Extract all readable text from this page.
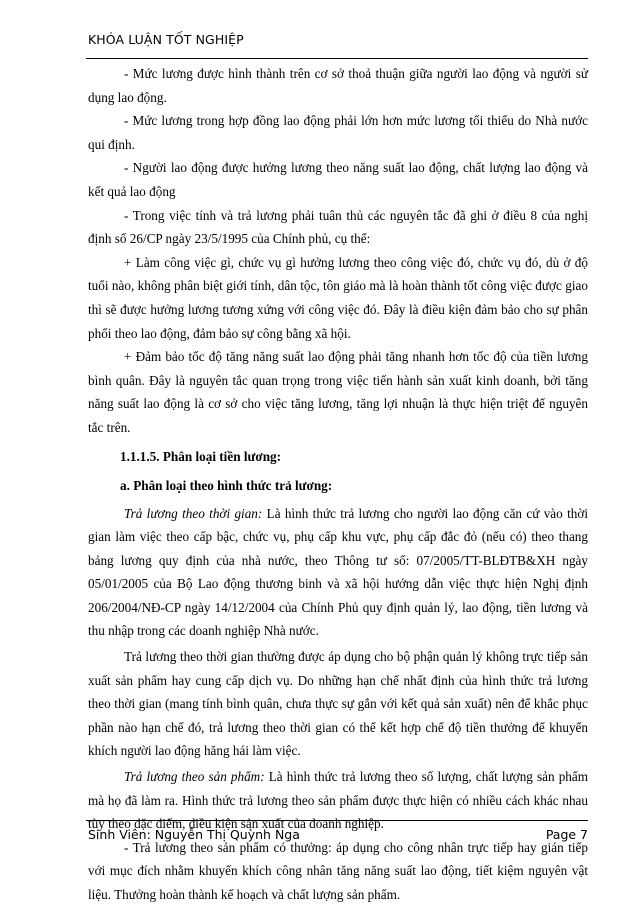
KHÓA LUẬN TỐT NGHIỆP

- Mức lương được hình thành trên cơ sở thoả thuận giữa người lao động và người sử dụng lao động.

- Mức lương trong hợp đồng lao động phải lớn hơn mức lương tối thiểu do Nhà nước qui định.

- Người lao động được hưởng lương theo năng suất lao động, chất lượng lao động và kết quả lao động

- Trong việc tính và trả lương phải tuân thủ các nguyên tắc đã ghi ở điều 8 của nghị định số 26/CP ngày 23/5/1995 của Chính phủ, cụ thể:

+ Làm công việc gì, chức vụ gì hưởng lương theo công việc đó, chức vụ đó, dù ở độ tuổi nào, không phân biệt giới tính, dân tộc, tôn giáo mà là hoàn thành tốt công việc được giao thì sẽ được hưởng lương tương xứng với công việc đó. Đây là điều kiện đảm bảo cho sự phân phối theo lao động, đảm bảo sự công bằng xã hội.

+ Đảm bảo tốc độ tăng năng suất lao động phải tăng nhanh hơn tốc độ của tiền lương bình quân. Đây là nguyên tắc quan trọng trong việc tiến hành sản xuất kinh doanh, bởi tăng năng suất lao động là cơ sở cho việc tăng lương, tăng lợi nhuận là thực hiện triệt để nguyên tắc trên.

1.1.1.5. Phân loại tiền lương:

a. Phân loại theo hình thức trả lương:

Trả lương theo thời gian: Là hình thức trả lương cho người lao động căn cứ vào thời gian làm việc theo cấp bậc, chức vụ, phụ cấp khu vực, phụ cấp đắc đỏ (nếu có) theo thang bảng lương quy định của nhà nước, theo Thông tư số: 07/2005/TT-BLĐTB&XH ngày 05/01/2005 của Bộ Lao động thương binh và xã hội hướng dẫn việc thực hiện Nghị định 206/2004/NĐ-CP ngày 14/12/2004 của Chính Phủ quy định quản lý, lao động, tiền lương và thu nhập trong các doanh nghiệp Nhà nước.

Trả lương theo thời gian thường được áp dụng cho bộ phận quản lý không trực tiếp sản xuất sản phẩm hay cung cấp dịch vụ. Do những hạn chế nhất định của hình thức trả lương theo thời gian (mang tính bình quân, chưa thực sự gắn với kết quả sản xuất) nên để khắc phục phần nào hạn chế đó, trả lương theo thời gian có thể kết hợp chế độ tiền thưởng để khuyến khích người lao động hăng hái làm việc.

Trả lương theo sản phẩm: Là hình thức trả lương theo số lượng, chất lượng sản phẩm mà họ đã làm ra. Hình thức trả lương theo sản phẩm được thực hiện có nhiều cách khác nhau tùy theo đặc điểm, điều kiện sản xuất của doanh nghiệp.

- Trả lương theo sản phẩm có thưởng: áp dụng cho công nhân trực tiếp hay gián tiếp với mục đích nhằm khuyến khích công nhân tăng năng suất lao động, tiết kiệm nguyên vật liệu. Thưởng hoàn thành kế hoạch và chất lượng sản phẩm.

Sinh Viên: Nguyễn Thị Quỳnh Nga	Page 7
